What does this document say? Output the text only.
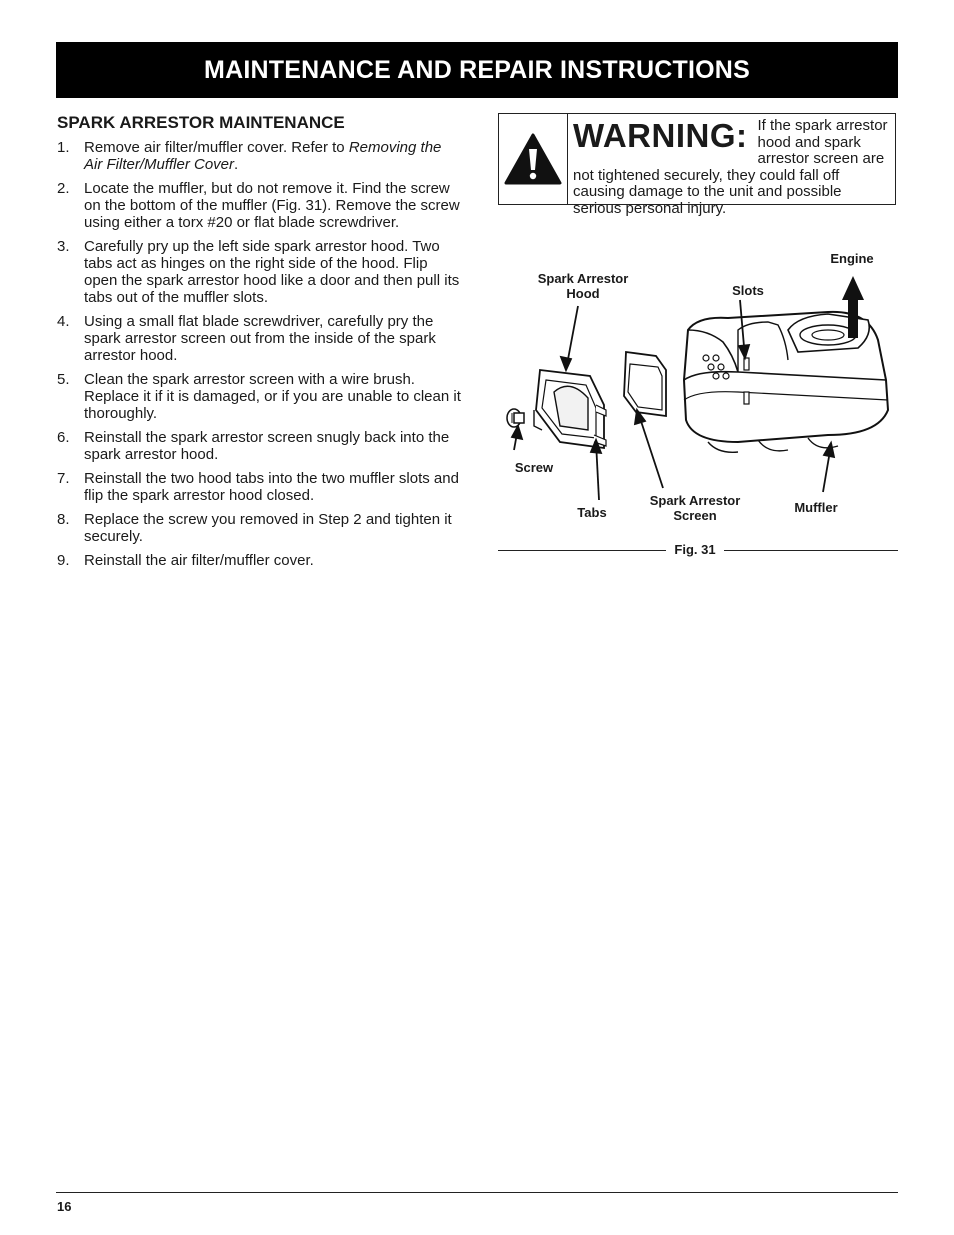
MAINTENANCE AND REPAIR INSTRUCTIONS
SPARK ARRESTOR MAINTENANCE
1. Remove air filter/muffler cover. Refer to Removing the Air Filter/Muffler Cover.
2. Locate the muffler, but do not remove it. Find the screw on the bottom of the muffler (Fig. 31). Remove the screw using either a torx #20 or flat blade screwdriver.
3. Carefully pry up the left side spark arrestor hood. Two tabs act as hinges on the right side of the hood. Flip open the spark arrestor hood like a door and then pull its tabs out of the muffler slots.
4. Using a small flat blade screwdriver, carefully pry the spark arrestor screen out from the inside of the spark arrestor hood.
5. Clean the spark arrestor screen with a wire brush. Replace it if it is damaged, or if you are unable to clean it thoroughly.
6. Reinstall the spark arrestor screen snugly back into the spark arrestor hood.
7. Reinstall the two hood tabs into the two muffler slots and flip the spark arrestor hood closed.
8. Replace the screw you removed in Step 2 and tighten it securely.
9. Reinstall the air filter/muffler cover.
WARNING: If the spark arrestor hood and spark arrestor screen are not tightened securely, they could fall off causing damage to the unit and possible serious personal injury.
Spark Arrestor Hood	Slots
Engine
Screw
Tabs
Spark Arrestor Screen
Muffler
Fig. 31
16
